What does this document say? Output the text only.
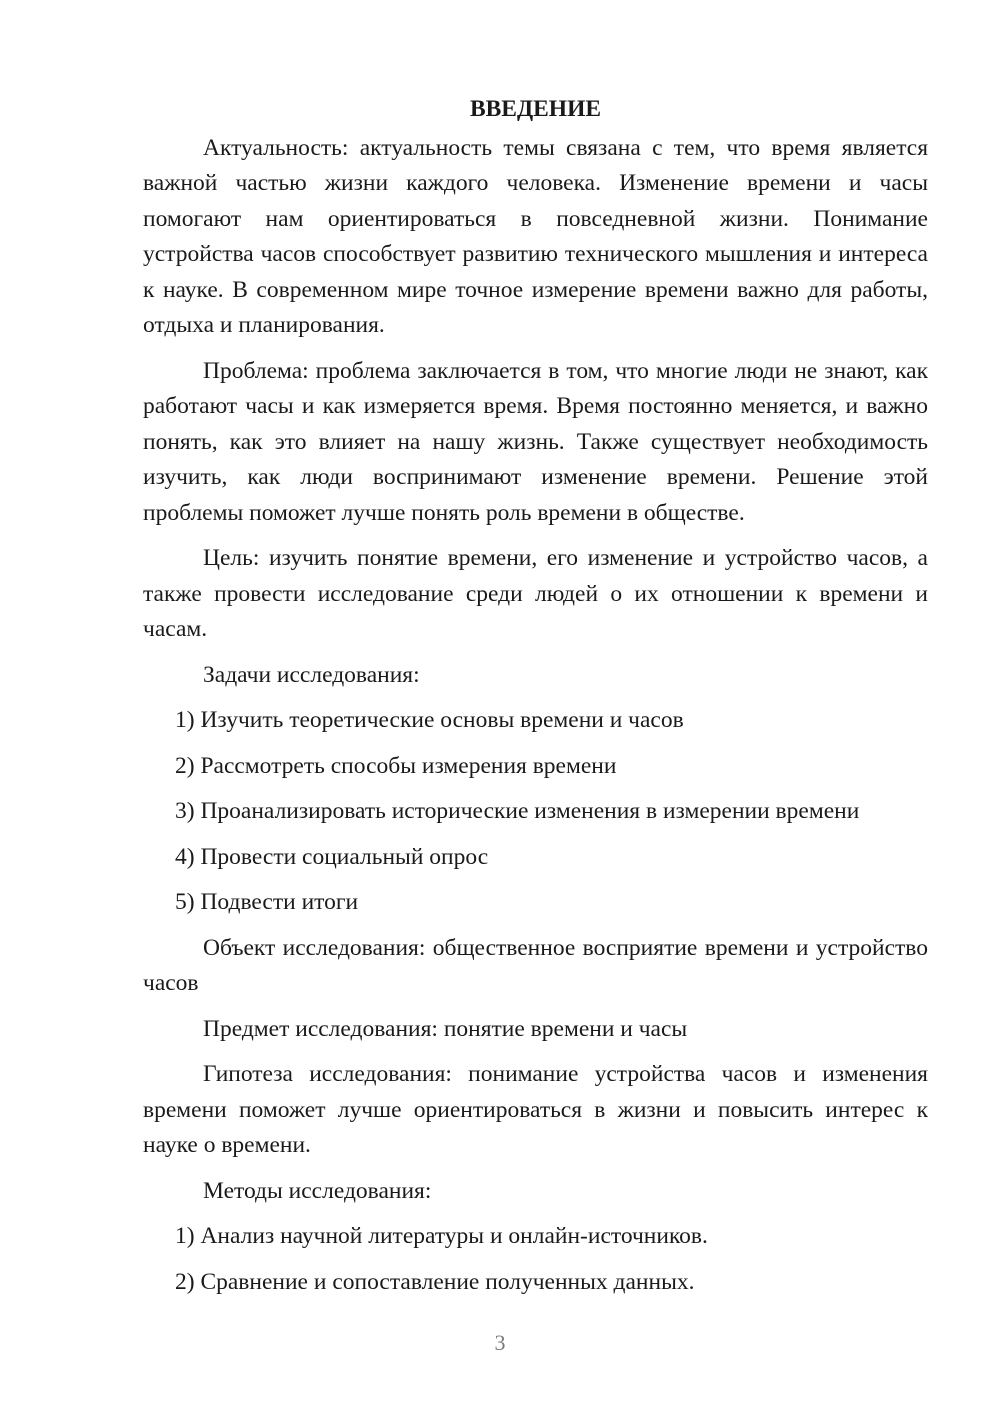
ВВЕДЕНИЕ

Актуальность: актуальность темы связана с тем, что время является важной частью жизни каждого человека. Изменение времени и часы помогают нам ориентироваться в повседневной жизни. Понимание устройства часов способствует развитию технического мышления и интереса к науке. В современном мире точное измерение времени важно для работы, отдыха и планирования.

Проблема: проблема заключается в том, что многие люди не знают, как работают часы и как измеряется время. Время постоянно меняется, и важно понять, как это влияет на нашу жизнь. Также существует необходимость изучить, как люди воспринимают изменение времени. Решение этой проблемы поможет лучше понять роль времени в обществе.

Цель: изучить понятие времени, его изменение и устройство часов, а также провести исследование среди людей о их отношении к времени и часам.

Задачи исследования:

1) Изучить теоретические основы времени и часов
2) Рассмотреть способы измерения времени
3) Проанализировать исторические изменения в измерении времени
4) Провести социальный опрос
5) Подвести итоги

Объект исследования: общественное восприятие времени и устройство часов

Предмет исследования: понятие времени и часы

Гипотеза исследования: понимание устройства часов и изменения времени поможет лучше ориентироваться в жизни и повысить интерес к науке о времени.

Методы исследования:

1) Анализ научной литературы и онлайн-источников.
2) Сравнение и сопоставление полученных данных.
3
